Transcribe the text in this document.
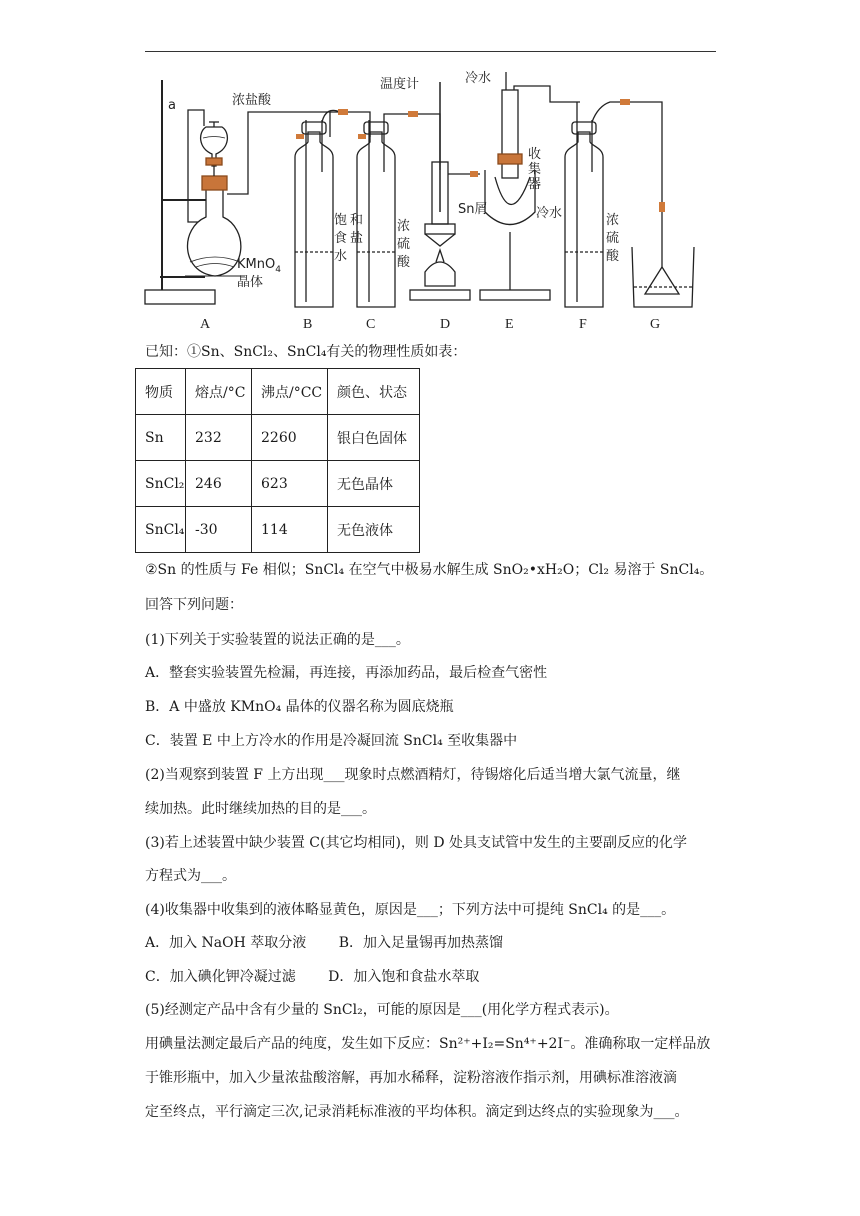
a	浓盐酸
温度计	冷水
收
集
器
冷水
Sn屑
KMnO$_4$
晶体
饱 和
食 盐
水
浓
硫
酸
浓
硫
酸
A	B	C	D	E	F	G
已知：①Sn、SnCl₂、SnCl₄有关的物理性质如表：
物质	熔点/°C	沸点/°CC	颜色、状态
Sn	232	2260	银白色固体
SnCl₂	246	623	无色晶体
SnCl₄	-30	114	无色液体
②Sn 的性质与 Fe 相似；SnCl₄ 在空气中极易水解生成 SnO₂•xH₂O；Cl₂ 易溶于 SnCl₄。
回答下列问题：
(1)下列关于实验装置的说法正确的是___。
A．整套实验装置先检漏，再连接，再添加药品，最后检查气密性
B．A 中盛放 KMnO₄ 晶体的仪器名称为圆底烧瓶
C．装置 E 中上方冷水的作用是冷凝回流 SnCl₄ 至收集器中
(2)当观察到装置 F 上方出现___现象时点燃酒精灯，待锡熔化后适当增大氯气流量，继
续加热。此时继续加热的目的是___。
(3)若上述装置中缺少装置 C(其它均相同)，则 D 处具支试管中发生的主要副反应的化学
方程式为___。
(4)收集器中收集到的液体略显黄色，原因是___；下列方法中可提纯 SnCl₄ 的是___。
A．加入 NaOH 萃取分液　　 B．加入足量锡再加热蒸馏
C．加入碘化钾冷凝过滤　　 D．加入饱和食盐水萃取
(5)经测定产品中含有少量的 SnCl₂，可能的原因是___(用化学方程式表示)。
用碘量法测定最后产品的纯度，发生如下反应：Sn²⁺+I₂=Sn⁴⁺+2I⁻。准确称取一定样品放
于锥形瓶中，加入少量浓盐酸溶解，再加水稀释，淀粉溶液作指示剂，用碘标准溶液滴
定至终点，平行滴定三次,记录消耗标准液的平均体积。滴定到达终点的实验现象为___。
